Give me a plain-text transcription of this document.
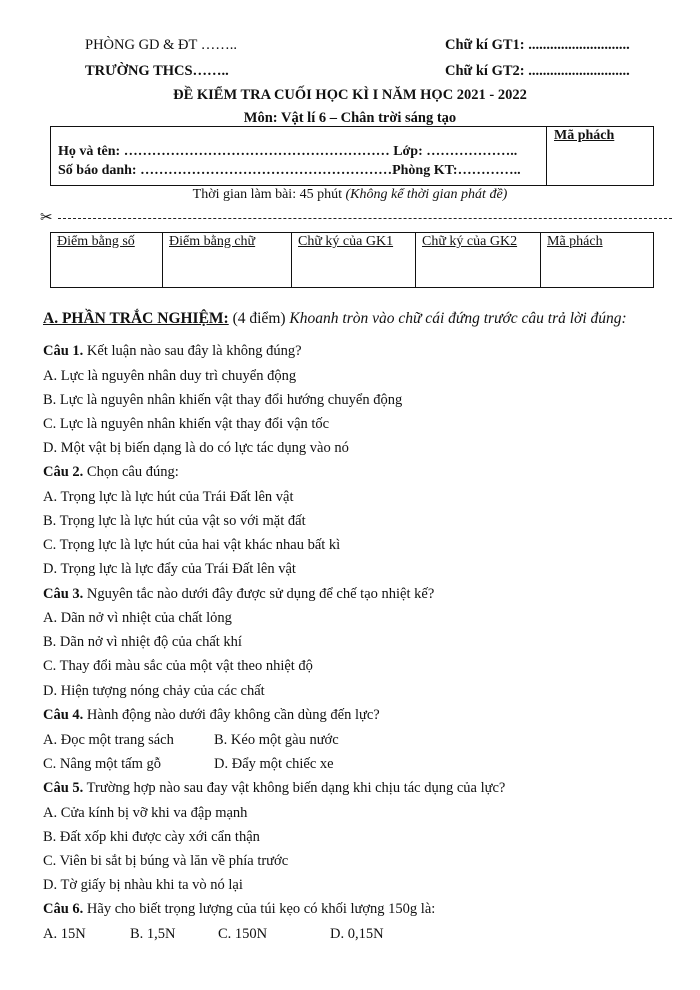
PHÒNG GD & ĐT ……..	Chữ kí GT1: ............................
TRƯỜNG THCS……..	Chữ kí GT2: ............................
ĐỀ KIỂM TRA CUỐI HỌC KÌ I NĂM HỌC 2021 - 2022
Môn: Vật lí 6 – Chân trời sáng tạo
Họ và tên: ………………………………………………… Lớp: ………………..
Số báo danh: ………………………………………………Phòng KT:…………..
Mã phách
Thời gian làm bài: 45 phút (Không kể thời gian phát đề)
✂
Điểm bằng số	Điểm bằng chữ	Chữ ký của GK1	Chữ ký của GK2	Mã phách
A. PHẦN TRẮC NGHIỆM: (4 điểm) Khoanh tròn vào chữ cái đứng trước câu trả lời đúng:
Câu 1. Kết luận nào sau đây là không đúng?
A. Lực là nguyên nhân duy trì chuyển động
B. Lực là nguyên nhân khiến vật thay đổi hướng chuyển động
C. Lực là nguyên nhân khiến vật thay đổi vận tốc
D. Một vật bị biến dạng là do có lực tác dụng vào nó
Câu 2. Chọn câu đúng:
A. Trọng lực là lực hút của Trái Đất lên vật
B. Trọng lực là lực hút của vật so với mặt đất
C. Trọng lực là lực hút của hai vật khác nhau bất kì
D. Trọng lực là lực đẩy của Trái Đất lên vật
Câu 3. Nguyên tắc nào dưới đây được sử dụng để chế tạo nhiệt kế?
A. Dãn nở vì nhiệt của chất lỏng
B. Dãn nở vì nhiệt độ của chất khí
C. Thay đổi màu sắc của một vật theo nhiệt độ
D. Hiện tượng nóng chảy của các chất
Câu 4. Hành động nào dưới đây không cần dùng đến lực?
A. Đọc một trang sách	B. Kéo một gàu nước
C. Nâng một tấm gỗ	D. Đẩy một chiếc xe
Câu 5. Trường hợp nào sau đay vật không biến dạng khi chịu tác dụng của lực?
A. Cửa kính bị vỡ khi va đập mạnh
B. Đất xốp khi được cày xới cẩn thận
C. Viên bi sắt bị búng và lăn về phía trước
D. Tờ giấy bị nhàu khi ta vò nó lại
Câu 6. Hãy cho biết trọng lượng của túi kẹo có khối lượng 150g là:
A. 15N	B. 1,5N	C. 150N	D. 0,15N
